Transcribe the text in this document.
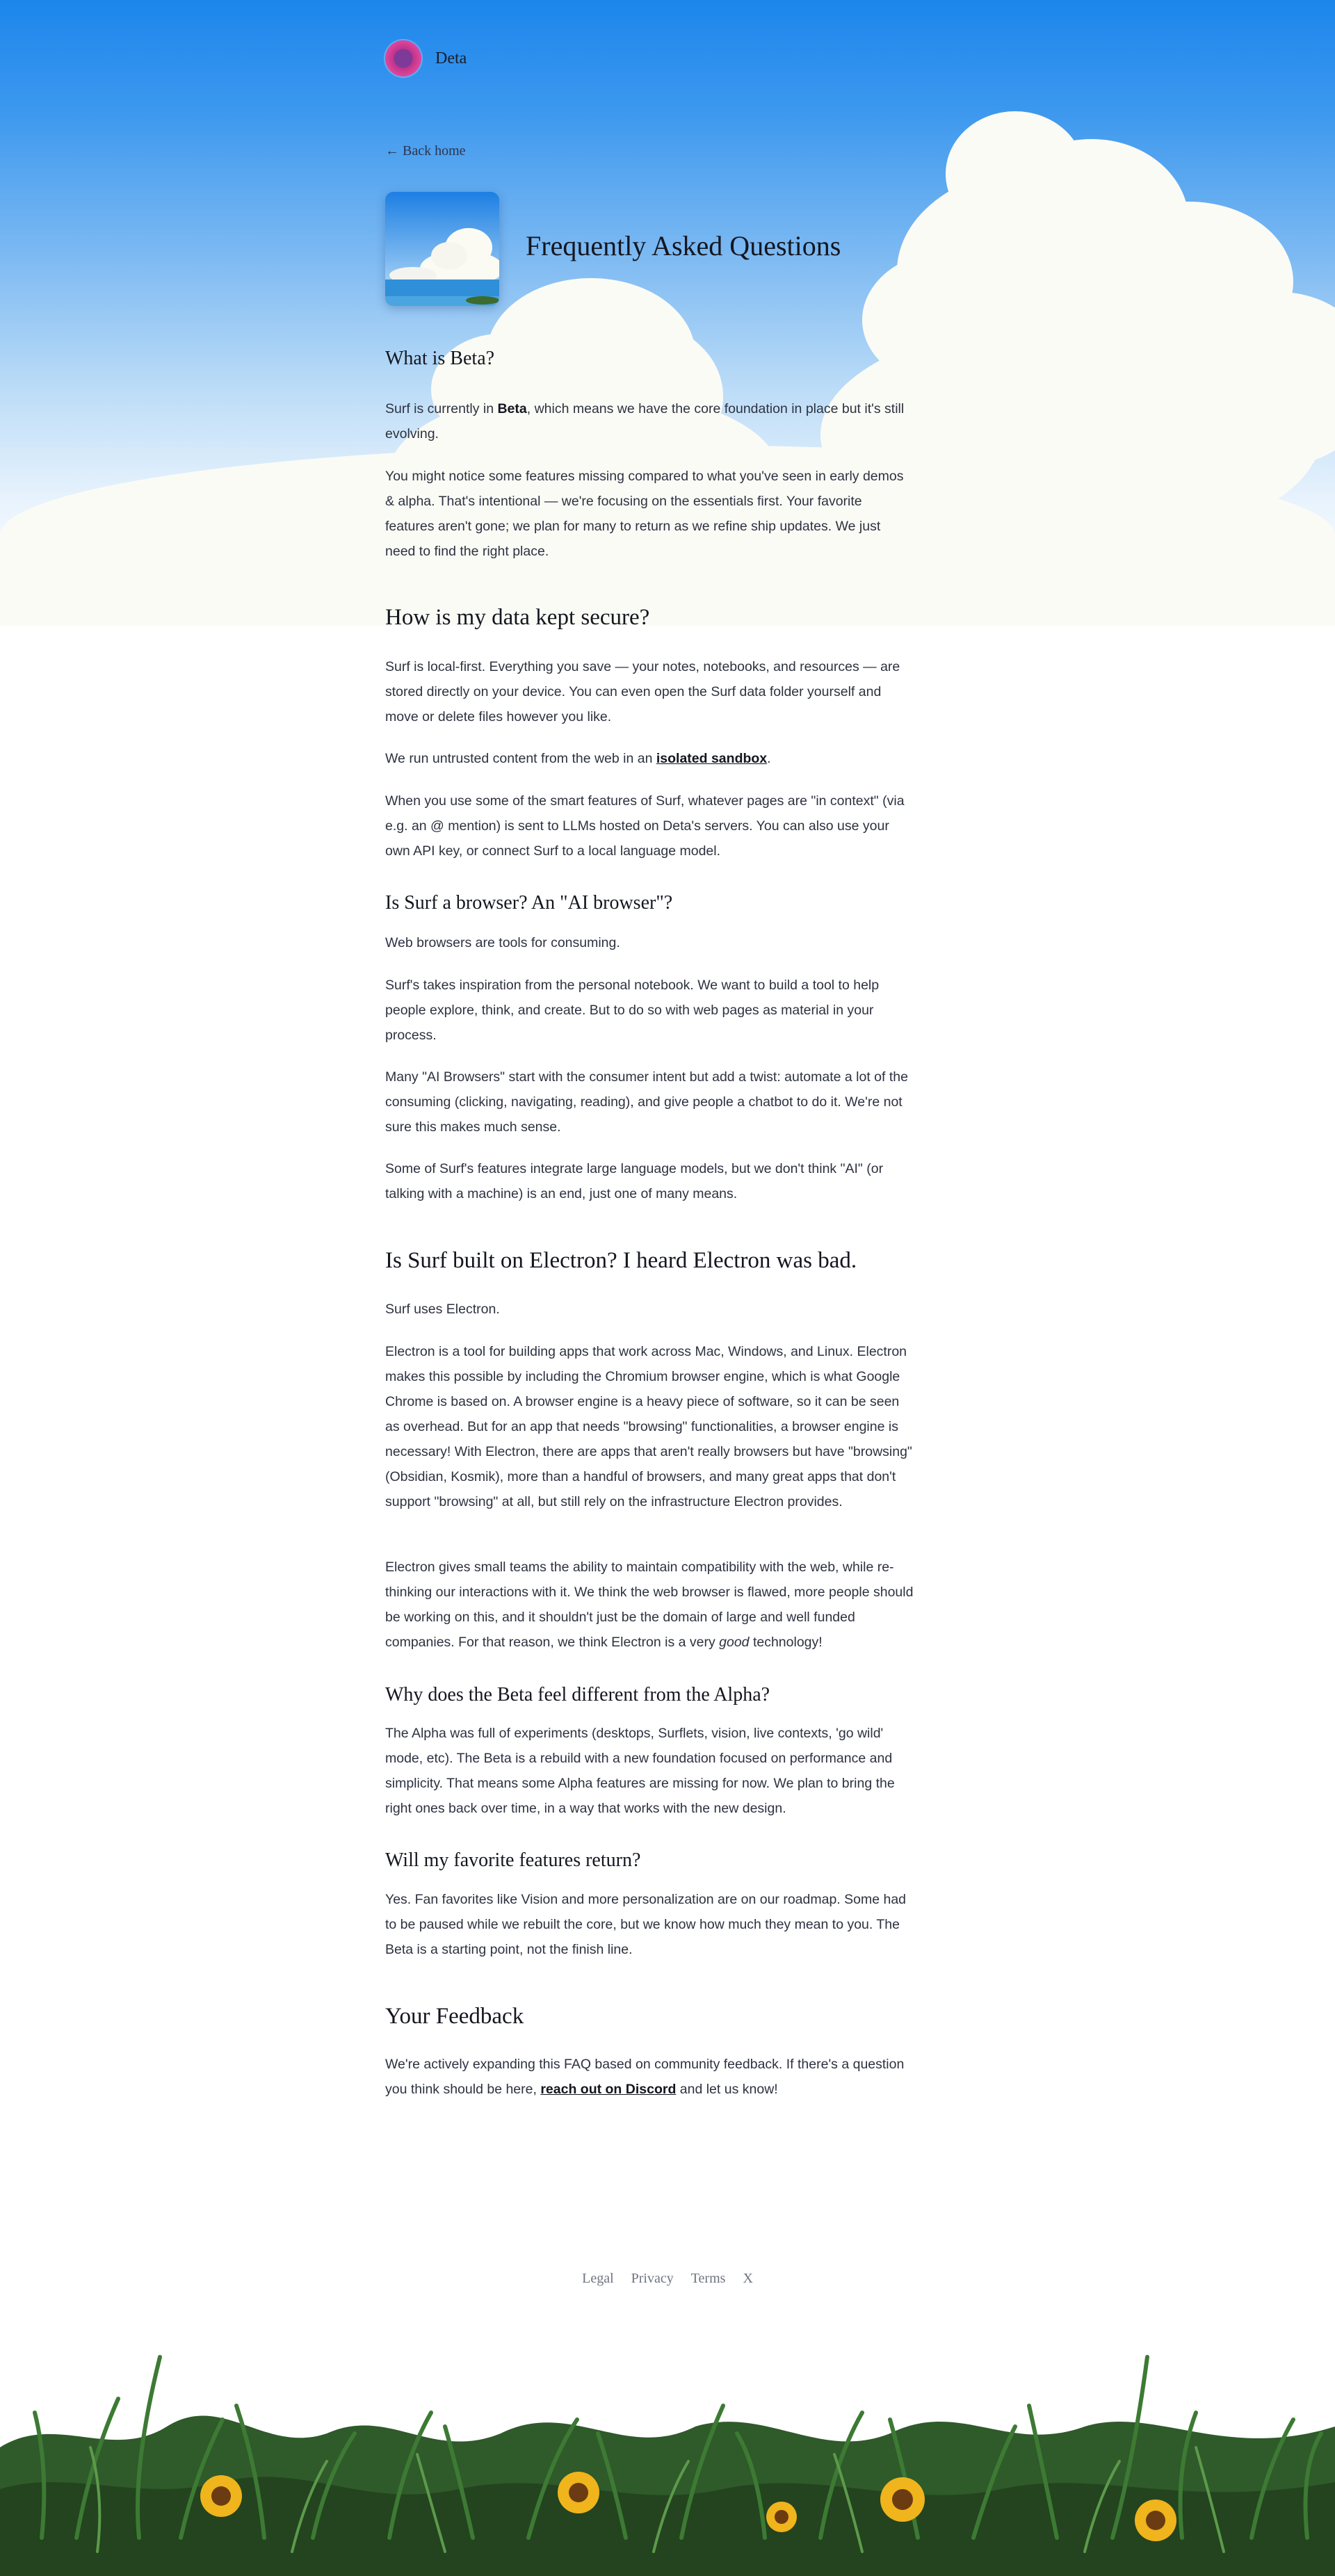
Deta
← Back home
Frequently Asked Questions
What is Beta?

Surf is currently in Beta, which means we have the core foundation in place but it's still evolving.

You might notice some features missing compared to what you've seen in early demos & alpha. That's intentional — we're focusing on the essentials first. Your favorite features aren't gone; we plan for many to return as we refine ship updates. We just need to find the right place.

How is my data kept secure?

Surf is local-first. Everything you save — your notes, notebooks, and resources — are stored directly on your device. You can even open the Surf data folder yourself and move or delete files however you like.

We run untrusted content from the web in an isolated sandbox.

When you use some of the smart features of Surf, whatever pages are "in context" (via e.g. an @ mention) is sent to LLMs hosted on Deta's servers. You can also use your own API key, or connect Surf to a local language model.

Is Surf a browser? An "AI browser"?

Web browsers are tools for consuming.

Surf's takes inspiration from the personal notebook. We want to build a tool to help people explore, think, and create. But to do so with web pages as material in your process.

Many "AI Browsers" start with the consumer intent but add a twist: automate a lot of the consuming (clicking, navigating, reading), and give people a chatbot to do it. We're not sure this makes much sense.

Some of Surf's features integrate large language models, but we don't think "AI" (or talking with a machine) is an end, just one of many means.

Is Surf built on Electron? I heard Electron was bad.

Surf uses Electron.

Electron is a tool for building apps that work across Mac, Windows, and Linux. Electron makes this possible by including the Chromium browser engine, which is what Google Chrome is based on. A browser engine is a heavy piece of software, so it can be seen as overhead. But for an app that needs "browsing" functionalities, a browser engine is necessary! With Electron, there are apps that aren't really browsers but have "browsing" (Obsidian, Kosmik), more than a handful of browsers, and many great apps that don't support "browsing" at all, but still rely on the infrastructure Electron provides.

Electron gives small teams the ability to maintain compatibility with the web, while re-thinking our interactions with it. We think the web browser is flawed, more people should be working on this, and it shouldn't just be the domain of large and well funded companies. For that reason, we think Electron is a very good technology!

Why does the Beta feel different from the Alpha?

The Alpha was full of experiments (desktops, Surflets, vision, live contexts, 'go wild' mode, etc). The Beta is a rebuild with a new foundation focused on performance and simplicity. That means some Alpha features are missing for now. We plan to bring the right ones back over time, in a way that works with the new design.

Will my favorite features return?

Yes. Fan favorites like Vision and more personalization are on our roadmap. Some had to be paused while we rebuilt the core, but we know how much they mean to you. The Beta is a starting point, not the finish line.

Your Feedback

We're actively expanding this FAQ based on community feedback. If there's a question you think should be here, reach out on Discord and let us know!

Legal Privacy Terms X
